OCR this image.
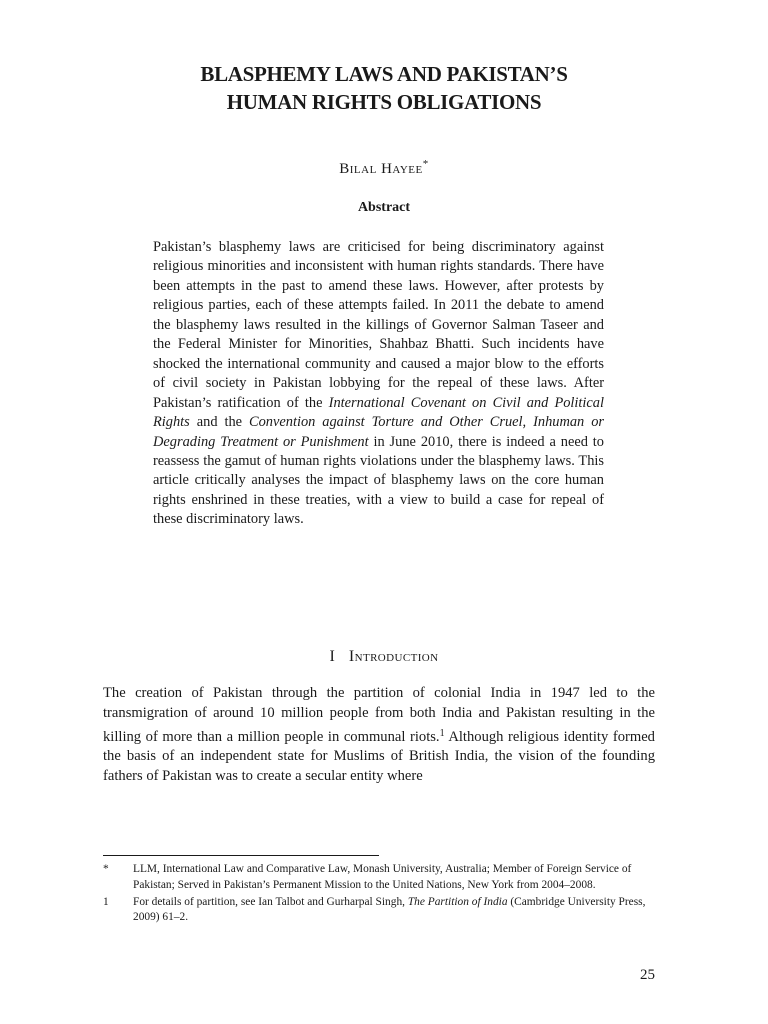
BLASPHEMY LAWS AND PAKISTAN’S
HUMAN RIGHTS OBLIGATIONS
Bilal Hayee*
Abstract

Pakistan’s blasphemy laws are criticised for being discriminatory against religious minorities and inconsistent with human rights standards. There have been attempts in the past to amend these laws. However, after protests by religious parties, each of these attempts failed. In 2011 the debate to amend the blasphemy laws resulted in the killings of Governor Salman Taseer and the Federal Minister for Minorities, Shahbaz Bhatti. Such incidents have shocked the international community and caused a major blow to the efforts of civil society in Pakistan lobbying for the repeal of these laws. After Pakistan’s ratification of the International Covenant on Civil and Political Rights and the Convention against Torture and Other Cruel, Inhuman or Degrading Treatment or Punishment in June 2010, there is indeed a need to reassess the gamut of human rights violations under the blasphemy laws. This article critically analyses the impact of blasphemy laws on the core human rights enshrined in these treaties, with a view to build a case for repeal of these discriminatory laws.

I Introduction

The creation of Pakistan through the partition of colonial India in 1947 led to the transmigration of around 10 million people from both India and Pakistan resulting in the killing of more than a million people in communal riots.$^1$ Although religious identity formed the basis of an independent state for Muslims of British India, the vision of the founding fathers of Pakistan was to create a secular entity where

*	LLM, International Law and Comparative Law, Monash University, Australia; Member of Foreign Service of Pakistan; Served in Pakistan’s Permanent Mission to the United Nations, New York from 2004–2008.
1	For details of partition, see Ian Talbot and Gurharpal Singh, The Partition of India (Cambridge University Press, 2009) 61–2.
25
